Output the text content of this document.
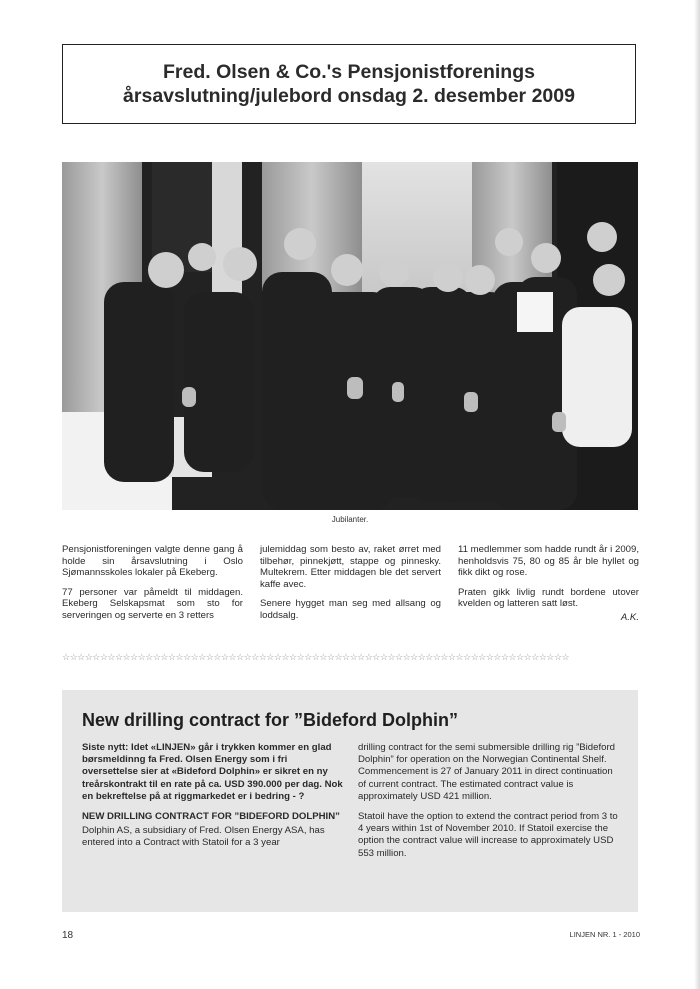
Fred. Olsen & Co.'s Pensjonistforenings
årsavslutning/julebord onsdag 2. desember 2009
Jubilanter.

Pensjonistforeningen valgte denne gang å holde sin årsavslutning i Oslo Sjømannsskoles lokaler på Ekeberg.

77 personer var påmeldt til middagen. Ekeberg Selskapsmat som sto for serveringen og serverte en 3 retters

julemiddag som besto av, raket ørret med tilbehør, pinnekjøtt, stappe og pinnesky. Multekrem. Etter middagen ble det servert kaffe avec.

Senere hygget man seg med allsang og loddsalg.

11 medlemmer som hadde rundt år i 2009, henholdsvis 75, 80 og 85 år ble hyllet og fikk dikt og rose.

Praten gikk livlig rundt bordene utover kvelden og latteren satt løst.

A.K.
☆☆☆☆☆☆☆☆☆☆☆☆☆☆☆☆☆☆☆☆☆☆☆☆☆☆☆☆☆☆☆☆☆☆☆☆☆☆☆☆☆☆☆☆☆☆☆☆☆☆☆☆☆☆☆☆☆☆☆☆☆☆☆☆☆☆☆
New drilling contract for ”Bideford Dolphin”

Siste nytt: Idet «LINJEN» går i trykken kommer en glad børsmeldinng fa Fred. Olsen Energy som i fri oversettelse sier at «Bideford Dolphin» er sikret en ny treårskontrakt til en rate på ca. USD 390.000 per dag. Nok en bekreftelse på at riggmarkedet er i bedring - ?

NEW DRILLING CONTRACT FOR ”BIDEFORD DOLPHIN”

Dolphin AS, a subsidiary of Fred. Olsen Energy ASA, has entered into a Contract with Statoil for a 3 year

drilling contract for the semi submersible drilling rig ”Bideford Dolphin” for operation on the Norwegian Continental Shelf. Commencement is 27 of January 2011 in direct continuation of current contract. The estimated contract value is approximately USD 421 million.

Statoil have the option to extend the contract period from 3 to 4 years within 1st of November 2010. If Statoil exercise the option the contract value will increase to approximately USD 553 million.

18	LINJEN NR. 1 - 2010
